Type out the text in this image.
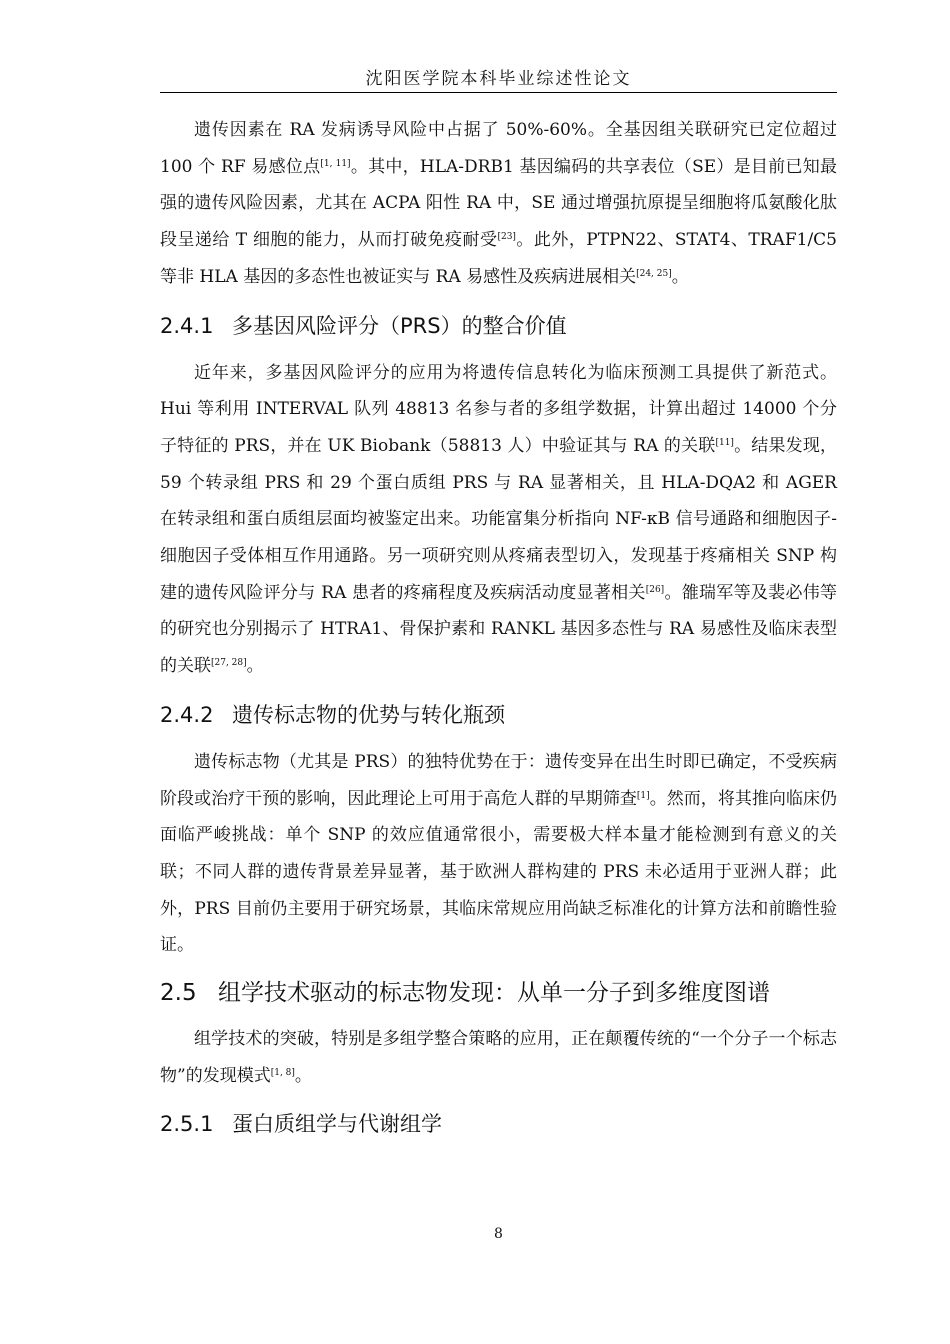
沈阳医学院本科毕业综述性论文

遗传因素在 RA 发病诱导风险中占据了 50%-60%。全基因组关联研究已定位超过 100 个 RF 易感位点[1, 11]。其中，HLA-DRB1 基因编码的共享表位（SE）是目前已知最强的遗传风险因素，尤其在 ACPA 阳性 RA 中，SE 通过增强抗原提呈细胞将瓜氨酸化肽段呈递给 T 细胞的能力，从而打破免疫耐受[23]。此外，PTPN22、STAT4、TRAF1/C5 等非 HLA 基因的多态性也被证实与 RA 易感性及疾病进展相关[24, 25]。

2.4.1 多基因风险评分（PRS）的整合价值

近年来，多基因风险评分的应用为将遗传信息转化为临床预测工具提供了新范式。Hui 等利用 INTERVAL 队列 48813 名参与者的多组学数据，计算出超过 14000 个分子特征的 PRS，并在 UK Biobank（58813 人）中验证其与 RA 的关联[11]。结果发现，59 个转录组 PRS 和 29 个蛋白质组 PRS 与 RA 显著相关，且 HLA-DQA2 和 AGER 在转录组和蛋白质组层面均被鉴定出来。功能富集分析指向 NF-κB 信号通路和细胞因子-细胞因子受体相互作用通路。另一项研究则从疼痛表型切入，发现基于疼痛相关 SNP 构建的遗传风险评分与 RA 患者的疼痛程度及疾病活动度显著相关[26]。雒瑞军等及裴必伟等的研究也分别揭示了 HTRA1、骨保护素和 RANKL 基因多态性与 RA 易感性及临床表型的关联[27, 28]。

2.4.2 遗传标志物的优势与转化瓶颈

遗传标志物（尤其是 PRS）的独特优势在于：遗传变异在出生时即已确定，不受疾病阶段或治疗干预的影响，因此理论上可用于高危人群的早期筛查[1]。然而，将其推向临床仍面临严峻挑战：单个 SNP 的效应值通常很小，需要极大样本量才能检测到有意义的关联；不同人群的遗传背景差异显著，基于欧洲人群构建的 PRS 未必适用于亚洲人群；此外，PRS 目前仍主要用于研究场景，其临床常规应用尚缺乏标准化的计算方法和前瞻性验证。

2.5 组学技术驱动的标志物发现：从单一分子到多维度图谱

组学技术的突破，特别是多组学整合策略的应用，正在颠覆传统的“一个分子一个标志物”的发现模式[1, 8]。

2.5.1 蛋白质组学与代谢组学
8
